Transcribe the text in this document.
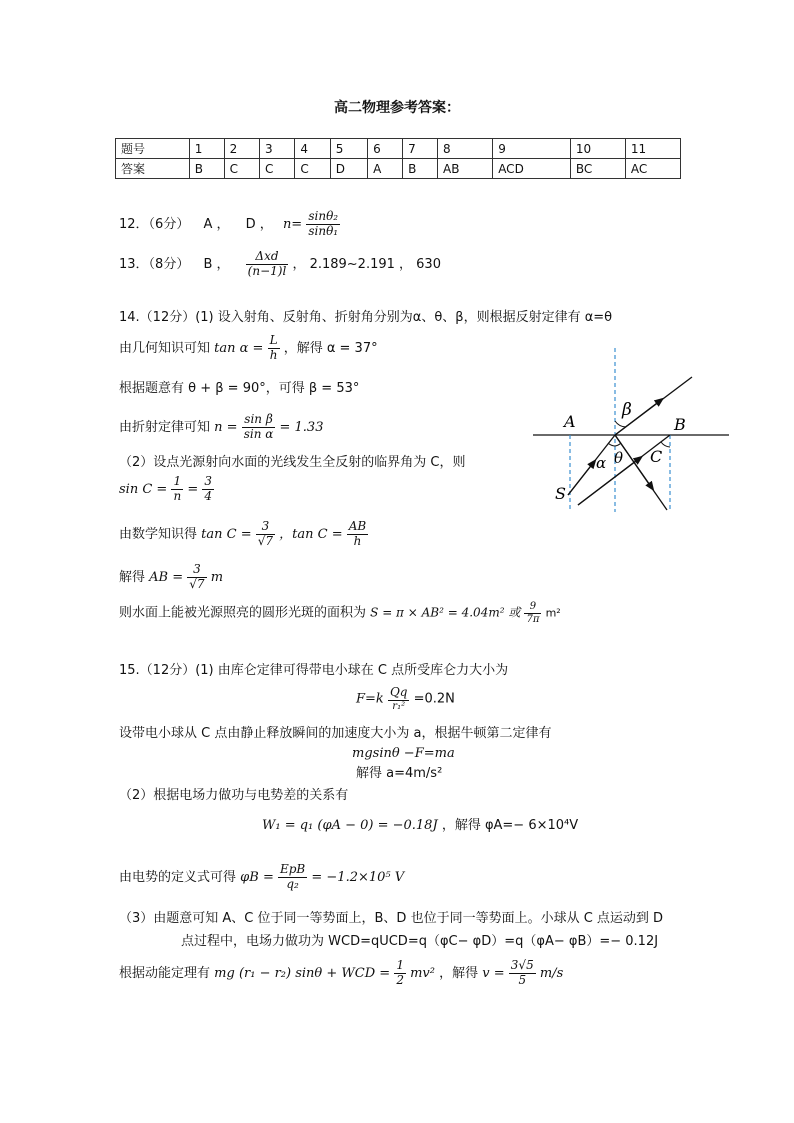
高二物理参考答案：
题号	1	2	3	4	5	6	7	8	9	10	11
答案	B	C	C	C	D	A	B	AB	ACD	BC	AC
12．（6分） A ， D ， $n= \frac{\text{sinθ₂}}{\text{sinθ₁}}$
13．（8分） B ， $\frac{\text{Δxd}}{(n-1)l}$ ， 2.189~2.191 ， 630
14.（12分）(1) 设入射角、反射角、折射角分别为α、θ、β，则根据反射定律有 α=θ
由几何知识可知 $\tan \alpha = \frac{L}{h}$ ，解得 α = 37°
根据题意有 θ + β = 90°，可得 β = 53°
由折射定律可知 $n = \frac{\text{sin β}}{\text{sin α}} = 1.33$
（2）设点光源射向水面的光线发生全反射的临界角为 C，则
$\sin C = \frac{1}{n} = \frac{3}{4}$
由数学知识得 $\tan C = \frac{3}{√7}$ ，$\tan C = \frac{AB}{h}$
解得 AB = $\frac{3}{√7}$ m
则水面上能被光源照亮的圆形光斑的面积为 S = π × AB² = 4.04m² 或 $\frac{9}{7\pi} m^2$
A	B
C
S
α θ
β
15.（12分）(1) 由库仑定律可得带电小球在 C 点所受库仑力大小为
$F=k \frac{Qq}{\text{r₁²}} =0.2N$
设带电小球从 C 点由静止释放瞬间的加速度大小为 a，根据牛顿第二定律有
mgsinθ −F=ma
解得 a=4m/s²
（2）根据电场力做功与电势差的关系有
W₁ = q₁ (φA − 0) = −0.18J ，解得 φA=− 6×10⁴V
由电势的定义式可得 $\varphi B = \frac{\text{EpB}}{\text{q₂}} = -1.2\times 10^5$ V
（3）由题意可知 A、C 位于同一等势面上，B、D 也位于同一等势面上。小球从 C 点运动到 D
点过程中，电场力做功为 WCD=qUCD=q（φC− φD）=q（φA− φB）=− 0.12J
根据动能定理有 mg (r₁ − r₂) sinθ + WCD = $\frac{1}{2} mv^2$ ，解得 $v = \frac{3√5}{5} m/s$
